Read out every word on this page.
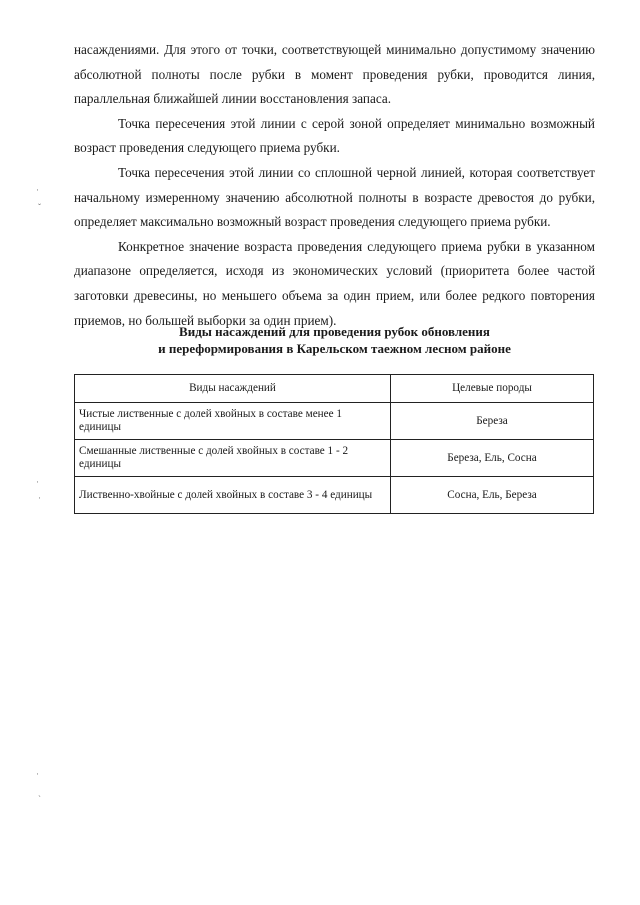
насаждениями. Для этого от точки, соответствующей минимально допустимому значению абсолютной полноты после рубки в момент проведения рубки, проводится линия, параллельная ближайшей линии восстановления запаса.

Точка пересечения этой линии с серой зоной определяет минимально возможный возраст проведения следующего приема рубки.

Точка пересечения этой линии со сплошной черной линией, которая соответствует начальному измеренному значению абсолютной полноты в возрасте древостоя до рубки, определяет максимально возможный возраст проведения следующего приема рубки.

Конкретное значение возраста проведения следующего приема рубки в указанном диапазоне определяется, исходя из экономических условий (приоритета более частой заготовки древесины, но меньшего объема за один прием, или более редкого повторения приемов, но большей выборки за один прием).

Виды насаждений для проведения рубок обновления
и переформирования в Карельском таежном лесном районе
Виды насаждений	Целевые породы
Чистые лиственные с долей хвойных в составе менее 1 единицы	Береза
Смешанные лиственные с долей хвойных в составе 1 - 2 единицы	Береза, Ель, Сосна
Лиственно-хвойные с долей хвойных в составе 3 - 4 единицы	Сосна, Ель, Береза
·
ˇ
·
·
·
ˏ
